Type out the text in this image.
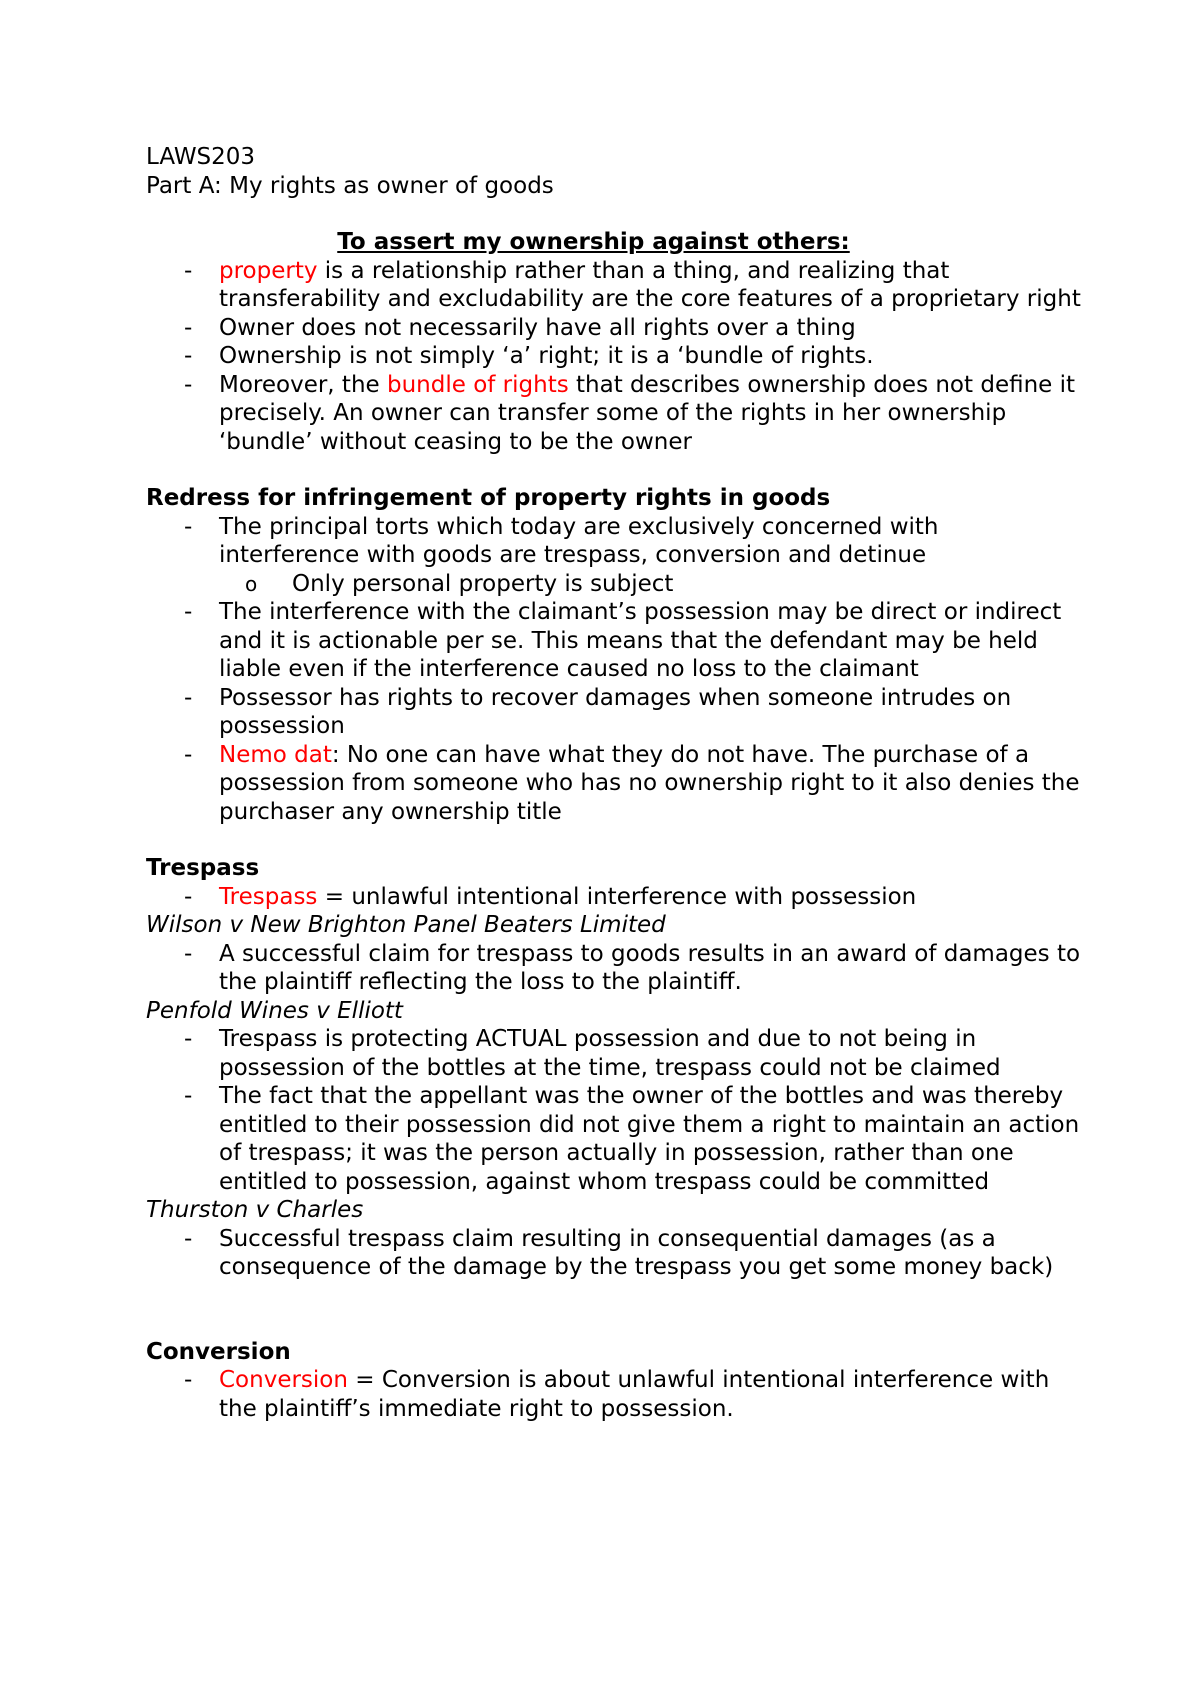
LAWS203
Part A: My rights as owner of goods
To assert my ownership against others:
- property is a relationship rather than a thing, and realizing that transferability and excludability are the core features of a proprietary right
- Owner does not necessarily have all rights over a thing
- Ownership is not simply ‘a’ right; it is a ‘bundle of rights.
- Moreover, the bundle of rights that describes ownership does not define it precisely. An owner can transfer some of the rights in her ownership ‘bundle’ without ceasing to be the owner
Redress for infringement of property rights in goods
- The principal torts which today are exclusively concerned with interference with goods are trespass, conversion and detinue
o Only personal property is subject
- The interference with the claimant’s possession may be direct or indirect and it is actionable per se. This means that the defendant may be held liable even if the interference caused no loss to the claimant
- Possessor has rights to recover damages when someone intrudes on possession
- Nemo dat: No one can have what they do not have. The purchase of a possession from someone who has no ownership right to it also denies the purchaser any ownership title
Trespass
- Trespass = unlawful intentional interference with possession
Wilson v New Brighton Panel Beaters Limited
- A successful claim for trespass to goods results in an award of damages to the plaintiff reflecting the loss to the plaintiff.
Penfold Wines v Elliott
- Trespass is protecting ACTUAL possession and due to not being in possession of the bottles at the time, trespass could not be claimed
- The fact that the appellant was the owner of the bottles and was thereby entitled to their possession did not give them a right to maintain an action of trespass; it was the person actually in possession, rather than one entitled to possession, against whom trespass could be committed
Thurston v Charles
- Successful trespass claim resulting in consequential damages (as a consequence of the damage by the trespass you get some money back)
Conversion
- Conversion = Conversion is about unlawful intentional interference with the plaintiff’s immediate right to possession.
